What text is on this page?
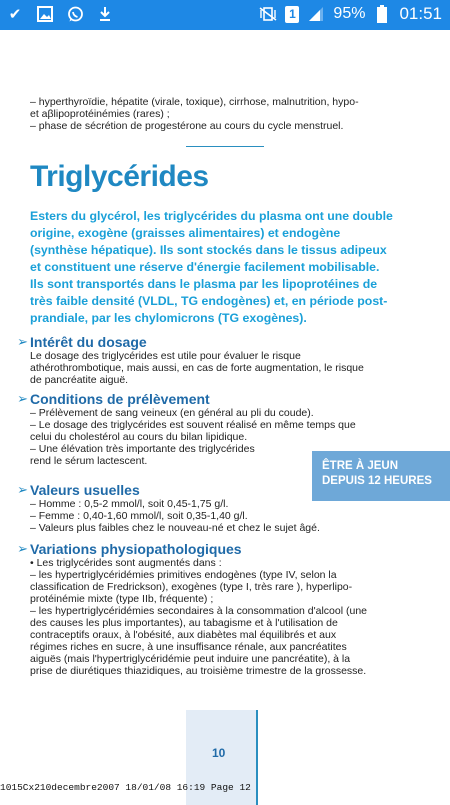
✔	1 95% 01:51
– hyperthyroïdie, hépatite (virale, toxique), cirrhose, malnutrition, hypo-
et aβlipoprotéinémies (rares) ;
– phase de sécrétion de progestérone au cours du cycle menstruel.
Triglycérides
Esters du glycérol, les triglycérides du plasma ont une double
origine, exogène (graisses alimentaires) et endogène
(synthèse hépatique). Ils sont stockés dans le tissus adipeux
et constituent une réserve d'énergie facilement mobilisable.
Ils sont transportés dans le plasma par les lipoprotéines de
très faible densité (VLDL, TG endogènes) et, en période post-
prandiale, par les chylomicrons (TG exogènes).
➢ Intérêt du dosage
Le dosage des triglycérides est utile pour évaluer le risque
athérothrombotique, mais aussi, en cas de forte augmentation, le risque
de pancréatite aiguë.
➢ Conditions de prélèvement
– Prélèvement de sang veineux (en général au pli du coude).
– Le dosage des triglycérides est souvent réalisé en même temps que
celui du cholestérol au cours du bilan lipidique.
– Une élévation très importante des triglycérides
rend le sérum lactescent.	ÊTRE À JEUN
DEPUIS 12 HEURES
➢ Valeurs usuelles
– Homme : 0,5-2 mmol/l, soit 0,45-1,75 g/l.
– Femme : 0,40-1,60 mmol/l, soit 0,35-1,40 g/l.
– Valeurs plus faibles chez le nouveau-né et chez le sujet âgé.
➢ Variations physiopathologiques
• Les triglycérides sont augmentés dans :
– les hypertriglycéridémies primitives endogènes (type IV, selon la
classification de Fredrickson), exogènes (type I, très rare ), hyperlipo-
protéinémie mixte (type IIb, fréquente) ;
– les hypertriglycéridémies secondaires à la consommation d'alcool (une
des causes les plus importantes), au tabagisme et à l'utilisation de
contraceptifs oraux, à l'obésité, aux diabètes mal équilibrés et aux
régimes riches en sucre, à une insuffisance rénale, aux pancréatites
aiguës (mais l'hypertriglycéridémie peut induire une pancréatite), à la
prise de diurétiques thiazidiques, au troisième trimestre de la grossesse.
10
1015Cx210decembre2007 18/01/08 16:19 Page 12
